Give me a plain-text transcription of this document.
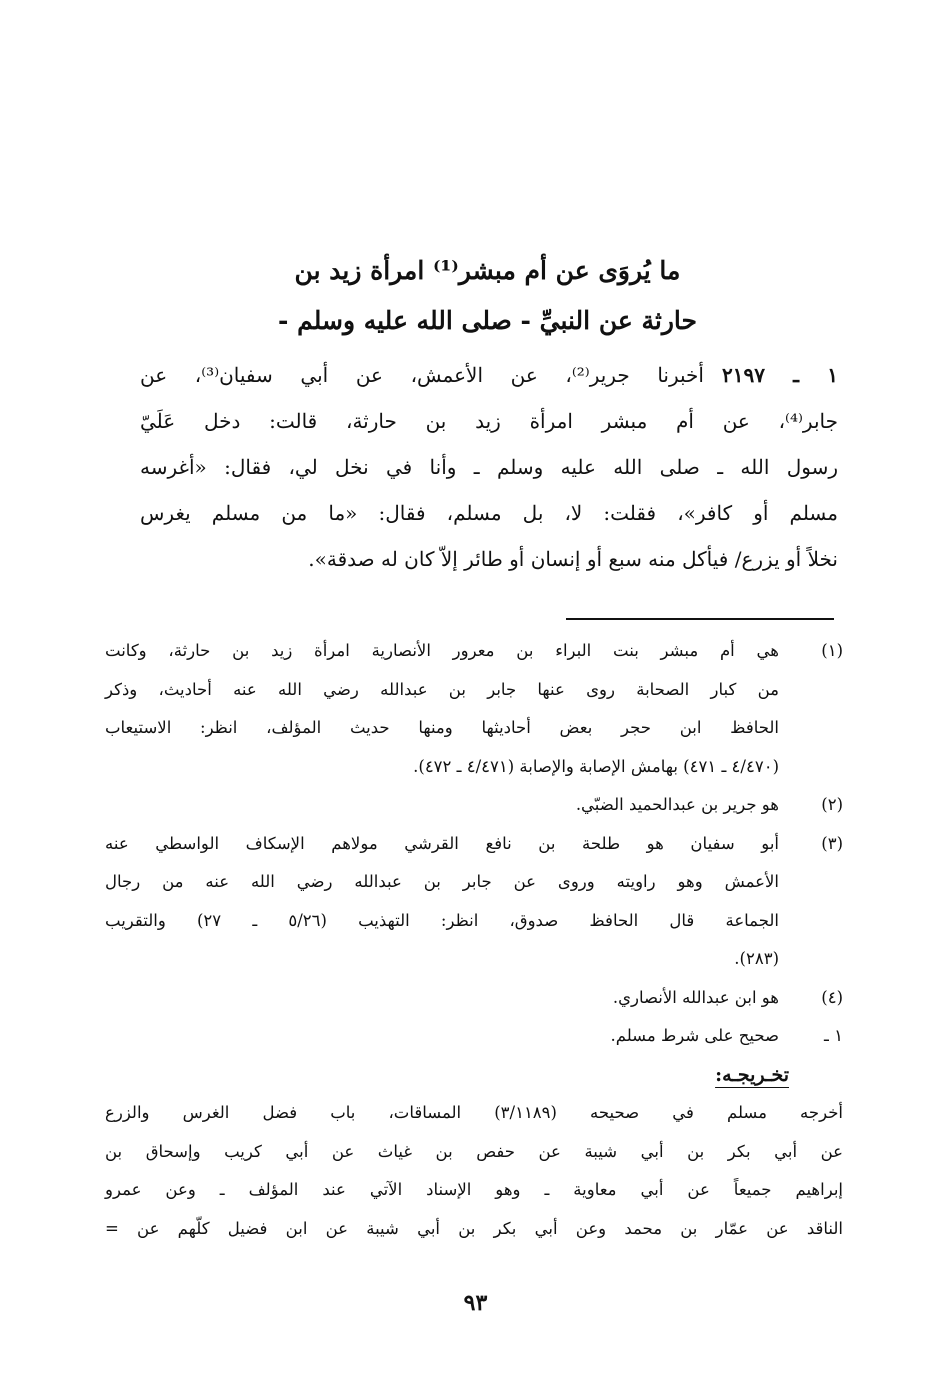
ما يُروَى عن أم مبشر⁽¹⁾ امرأة زيد بن
حارثة عن النبيِّ - صلى الله عليه وسلم -
١ ـ ٢١٩٧أخبرنا جرير⁽²⁾، عن الأعمش، عن أبي سفيان⁽³⁾، عن
جابر⁽⁴⁾، عن أم مبشر امرأة زيد بن حارثة، قالت: دخل عَلَيّ
رسول الله ـ صلى الله عليه وسلم ـ وأنا في نخل لي، فقال: «أغرسه
مسلم أو كافر»، فقلت: لا، بل مسلم، فقال: «ما من مسلم يغرس
نخلاً أو يزرع/ فيأكل منه سبع أو إنسان أو طائر إلاّ كان له صدقة».
(١)
هي أم مبشر بنت البراء بن معرور الأنصارية امرأة زيد بن حارثة، وكانت
من كبار الصحابة روى عنها جابر بن عبدالله رضي الله عنه أحاديث، وذكر
الحافظ ابن حجر بعض أحاديثها ومنها حديث المؤلف، انظر: الاستيعاب
(٤/٤٧٠ ـ ٤٧١) بهامش الإصابة والإصابة (٤/٤٧١ ـ ٤٧٢).
(٢)
هو جرير بن عبدالحميد الضبّي.
(٣)
أبو سفيان هو طلحة بن نافع القرشي مولاهم الإسكاف الواسطي عنه
الأعمش وهو راويته وروى عن جابر بن عبدالله رضي الله عنه من رجال
الجماعة قال الحافظ صدوق، انظر: التهذيب (٥/٢٦ ـ ٢٧) والتقريب
(٢٨٣).
(٤)
هو ابن عبدالله الأنصاري.
١ ـ
صحيح على شرط مسلم.
تخـريجـه:
أخرجه مسلم في صحيحه (٣/١١٨٩) المساقات، باب فضل الغرس والزرع
عن أبي بكر بن أبي شيبة عن حفص بن غياث عن أبي كريب وإسحاق بن
إبراهيم جميعاً عن أبي معاوية ـ وهو الإسناد الآتي عند المؤلف ـ وعن عمرو
الناقد عن عمّار بن محمد وعن أبي بكر بن أبي شيبة عن ابن فضيل كلّهم عن =
٩٣
